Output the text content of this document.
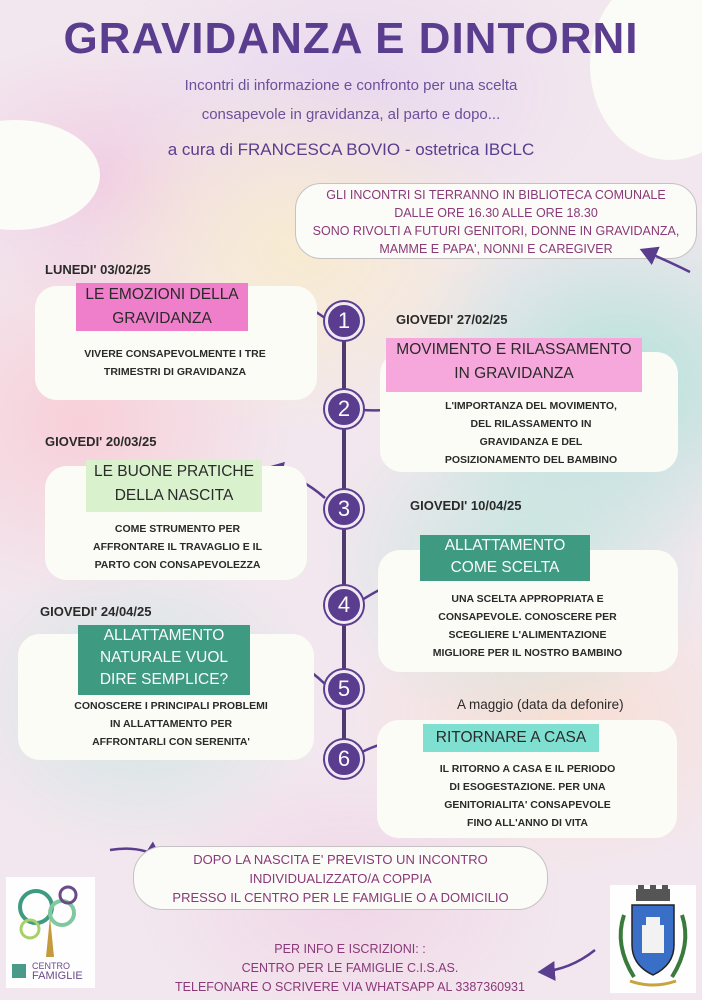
GRAVIDANZA E DINTORNI
Incontri di informazione e confronto per una scelta
consapevole in gravidanza, al parto e dopo...
a cura di FRANCESCA BOVIO - ostetrica IBCLC
GLI INCONTRI SI TERRANNO IN BIBLIOTECA COMUNALE
DALLE ORE 16.30 ALLE ORE 18.30
SONO RIVOLTI A FUTURI GENITORI, DONNE IN GRAVIDANZA,
MAMME E PAPA', NONNI E CAREGIVER
LUNEDI' 03/02/25
LE EMOZIONI DELLA
GRAVIDANZA
VIVERE CONSAPEVOLMENTE I TRE
TRIMESTRI DI GRAVIDANZA
GIOVEDI' 27/02/25
MOVIMENTO E RILASSAMENTO
IN GRAVIDANZA
L'IMPORTANZA DEL MOVIMENTO,
DEL RILASSAMENTO IN
GRAVIDANZA E DEL
POSIZIONAMENTO DEL BAMBINO
GIOVEDI' 20/03/25
LE BUONE PRATICHE
DELLA NASCITA
COME STRUMENTO PER
AFFRONTARE IL TRAVAGLIO E IL
PARTO CON CONSAPEVOLEZZA
GIOVEDI' 10/04/25
ALLATTAMENTO
COME SCELTA
UNA SCELTA APPROPRIATA E
CONSAPEVOLE. CONOSCERE PER
SCEGLIERE L'ALIMENTAZIONE
MIGLIORE PER IL NOSTRO BAMBINO
GIOVEDI' 24/04/25
ALLATTAMENTO
NATURALE VUOL
DIRE SEMPLICE?
CONOSCERE I PRINCIPALI PROBLEMI
IN ALLATTAMENTO PER
AFFRONTARLI CON SERENITA'
A maggio (data da defonire)
RITORNARE A CASA
IL RITORNO A CASA E IL PERIODO
DI ESOGESTAZIONE. PER UNA
GENITORIALITA' CONSAPEVOLE
FINO ALL'ANNO DI VITA
1
2
3
4
5
6
DOPO LA NASCITA E' PREVISTO UN INCONTRO
INDIVIDUALIZZATO/A COPPIA
PRESSO IL CENTRO PER LE FAMIGLIE O A DOMICILIO
PER INFO E ISCRIZIONI: :
CENTRO PER LE FAMIGLIE C.I.S.AS.
TELEFONARE O SCRIVERE VIA WHATSAPP AL 3387360931
CENTRO
FAMIGLIE
